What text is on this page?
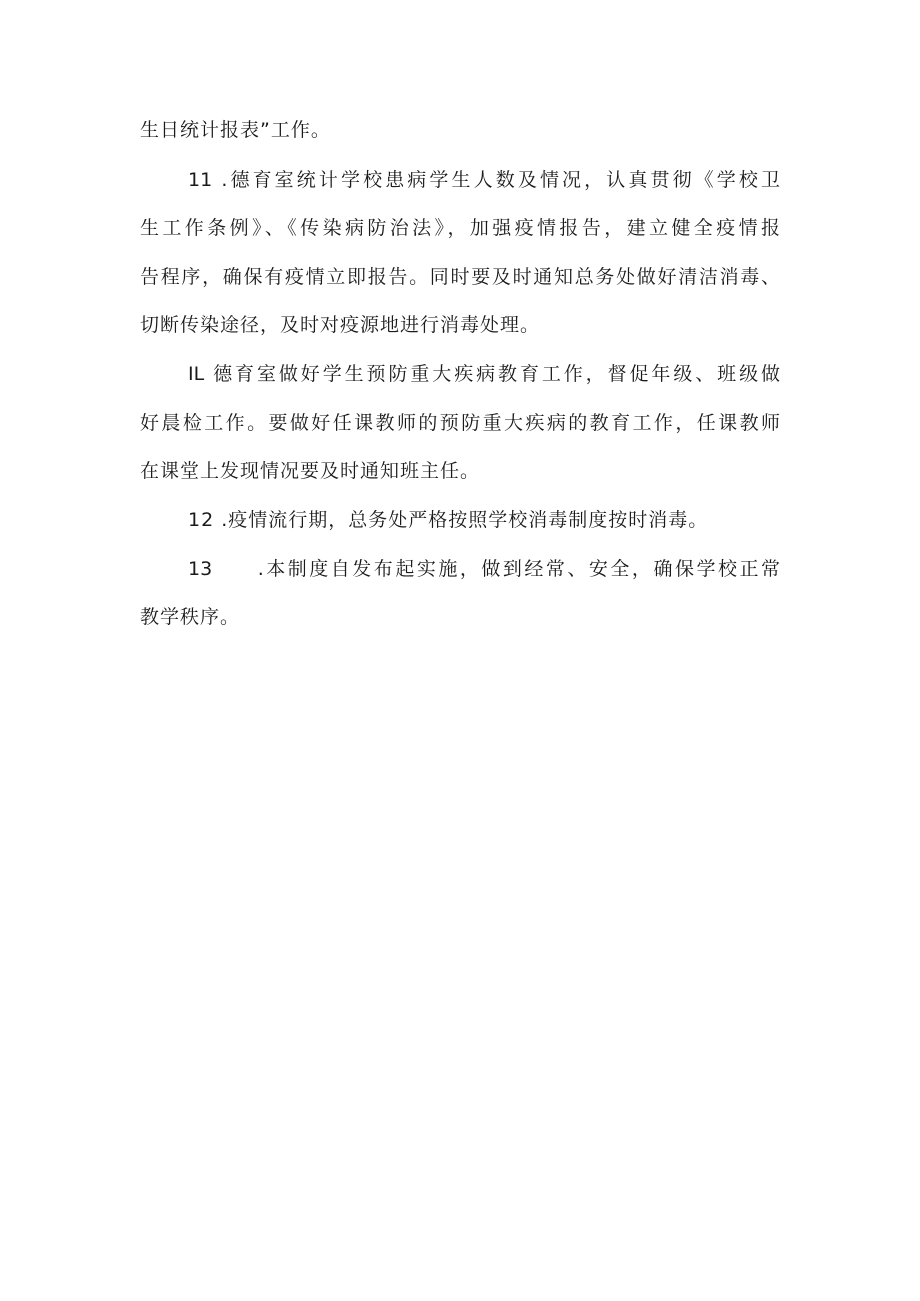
生日统计报表”工作。
11 .德育室统计学校患病学生人数及情况，认真贯彻《学校卫
生工作条例》、《传染病防治法》，加强疫情报告，建立健全疫情报
告程序，确保有疫情立即报告。同时要及时通知总务处做好清洁消毒、
切断传染途径，及时对疫源地进行消毒处理。
IL 德育室做好学生预防重大疾病教育工作，督促年级、班级做
好晨检工作。要做好任课教师的预防重大疾病的教育工作，任课教师
在课堂上发现情况要及时通知班主任。
12 .疫情流行期，总务处严格按照学校消毒制度按时消毒。
13　　.本制度自发布起实施，做到经常、安全，确保学校正常
教学秩序。
